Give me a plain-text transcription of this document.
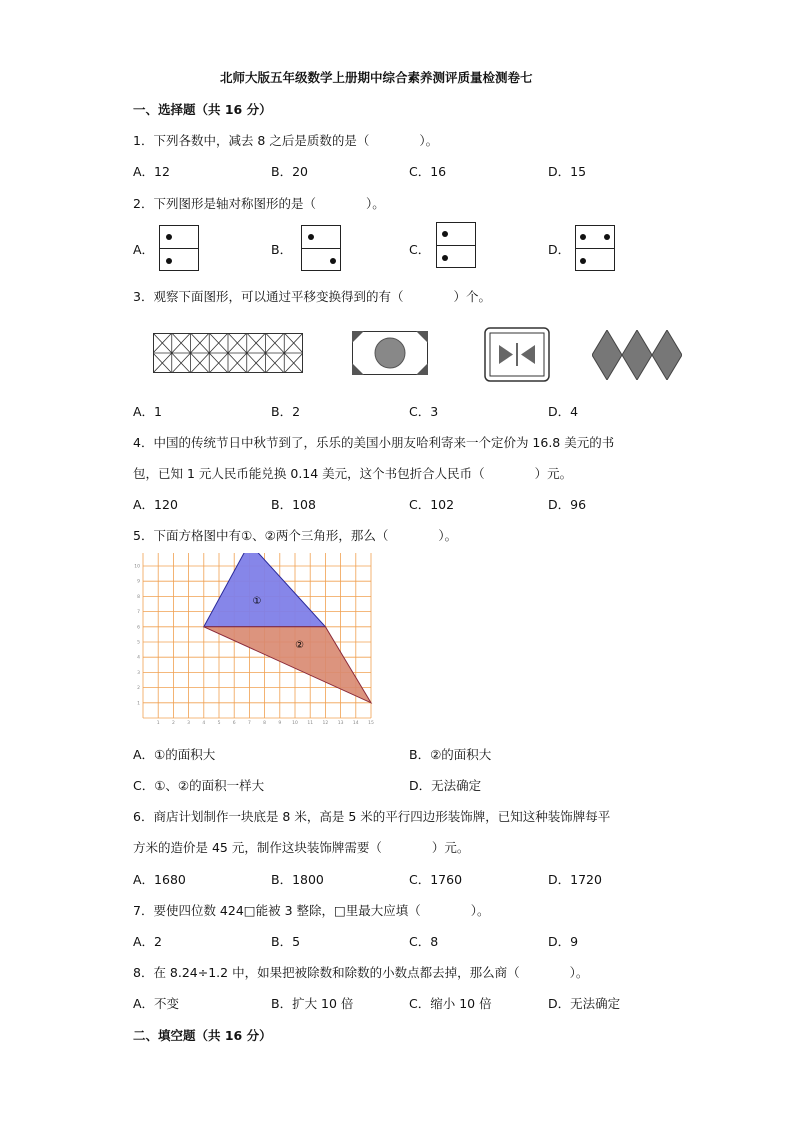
北师大版五年级数学上册期中综合素养测评质量检测卷七
一、选择题（共 16 分）
1．下列各数中，减去 8 之后是质数的是（　　　　）。
A．12	B．20	C．16	D．15
2．下列图形是轴对称图形的是（　　　　）。
A．	B．	C．	D．
3．观察下面图形，可以通过平移变换得到的有（　　　　）个。
A．1	B．2	C．3	D．4
4．中国的传统节日中秋节到了，乐乐的美国小朋友哈利寄来一个定价为 16.8 美元的书
包，已知 1 元人民币能兑换 0.14 美元，这个书包折合人民币（　　　　）元。
A．120	B．108	C．102	D．96
5．下面方格图中有①、②两个三角形，那么（　　　　）。
1	2	3	4	5	6	7	8	9 10 11 12 13 14 15
1
2
3
4
5
6
7
8
9
10
①
②
A．①的面积大	B．②的面积大
C．①、②的面积一样大	D．无法确定
6．商店计划制作一块底是 8 米，高是 5 米的平行四边形装饰牌，已知这种装饰牌每平
方米的造价是 45 元，制作这块装饰牌需要（　　　　）元。
A．1680	B．1800	C．1760	D．1720
7．要使四位数 424□能被 3 整除，□里最大应填（　　　　）。
A．2	B．5	C．8	D．9
8．在 8.24÷1.2 中，如果把被除数和除数的小数点都去掉，那么商（　　　　）。
A．不变	B．扩大 10 倍	C．缩小 10 倍	D．无法确定
二、填空题（共 16 分）
